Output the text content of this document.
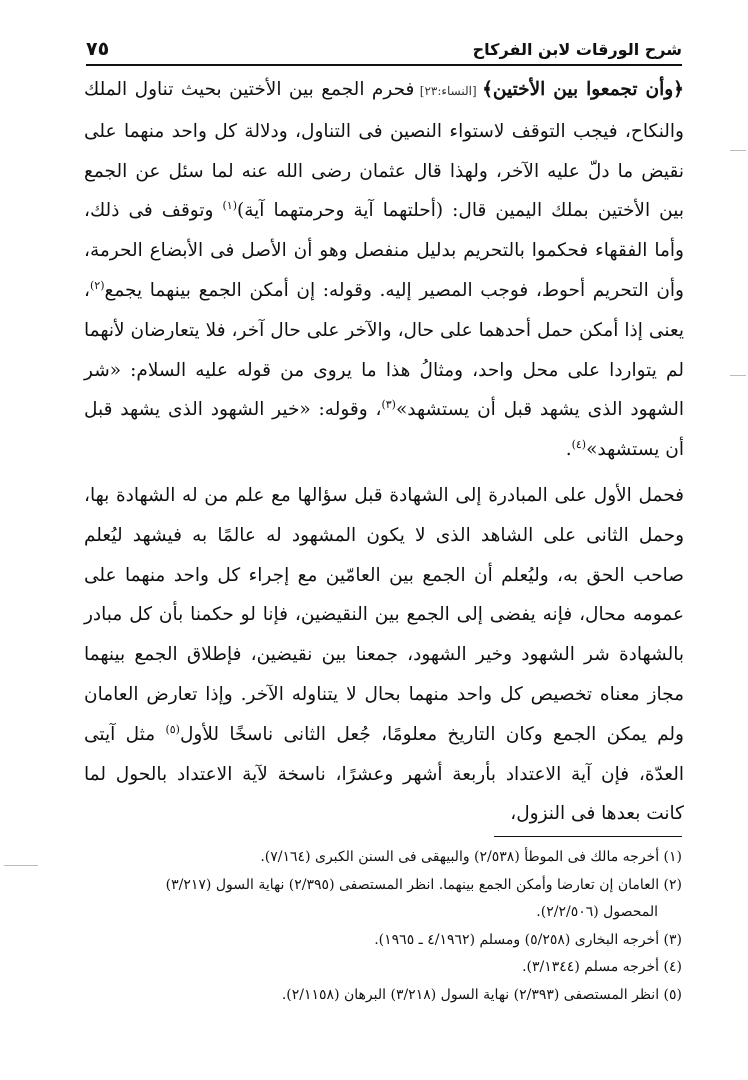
٧٥	شرح الورقات لابن الفركاح

﴿وأن تجمعوا بين الأختين﴾ [النساء:٢٣] فحرم الجمع بين الأختين بحيث تناول الملك والنكاح، فيجب التوقف لاستواء النصين فى التناول، ودلالة كل واحد منهما على نقيض ما دلّ عليه الآخر، ولهذا قال عثمان رضى الله عنه لما سئل عن الجمع بين الأختين بملك اليمين قال: (أحلتهما آية وحرمتهما آية)$^{(١)}$ وتوقف فى ذلك، وأما الفقهاء فحكموا بالتحريم بدليل منفصل وهو أن الأصل فى الأبضاع الحرمة، وأن التحريم أحوط، فوجب المصير إليه. وقوله: إن أمكن الجمع بينهما يجمع$^{(٢)}$، يعنى إذا أمكن حمل أحدهما على حال، والآخر على حال آخر، فلا يتعارضان لأنهما لم يتواردا على محل واحد، ومثالُ هذا ما يروى من قوله عليه السلام: «شر الشهود الذى يشهد قبل أن يستشهد»$^{(٣)}$، وقوله: «خير الشهود الذى يشهد قبل أن يستشهد»$^{(٤)}$.

فحمل الأول على المبادرة إلى الشهادة قبل سؤالها مع علم من له الشهادة بها، وحمل الثانى على الشاهد الذى لا يكون المشهود له عالمًا به فيشهد ليُعلم صاحب الحق به، وليُعلم أن الجمع بين العامّين مع إجراء كل واحد منهما على عمومه محال، فإنه يفضى إلى الجمع بين النقيضين، فإنا لو حكمنا بأن كل مبادر بالشهادة شر الشهود وخير الشهود، جمعنا بين نقيضين، فإطلاق الجمع بينهما مجاز معناه تخصيص كل واحد منهما بحال لا يتناوله الآخر. وإذا تعارض العامان ولم يمكن الجمع وكان التاريخ معلومًا، جُعل الثانى ناسخًا للأول$^{(٥)}$ مثل آيتى العدّة، فإن آية الاعتداد بأربعة أشهر وعشرًا، ناسخة لآية الاعتداد بالحول لما كانت بعدها فى النزول،

(١) أخرجه مالك فى الموطأ (٢/٥٣٨) والبيهقى فى السنن الكبرى (٧/١٦٤).

(٢) العامان إن تعارضا وأمكن الجمع بينهما. انظر المستصفى (٢/٣٩٥) نهاية السول (٣/٢١٧)

المحصول (٢/٢/٥٠٦).

(٣) أخرجه البخارى (٥/٢٥٨) ومسلم (٤/١٩٦٢ ـ ١٩٦٥).

(٤) أخرجه مسلم (٣/١٣٤٤).

(٥) انظر المستصفى (٢/٣٩٣) نهاية السول (٣/٢١٨) البرهان (٢/١١٥٨).
